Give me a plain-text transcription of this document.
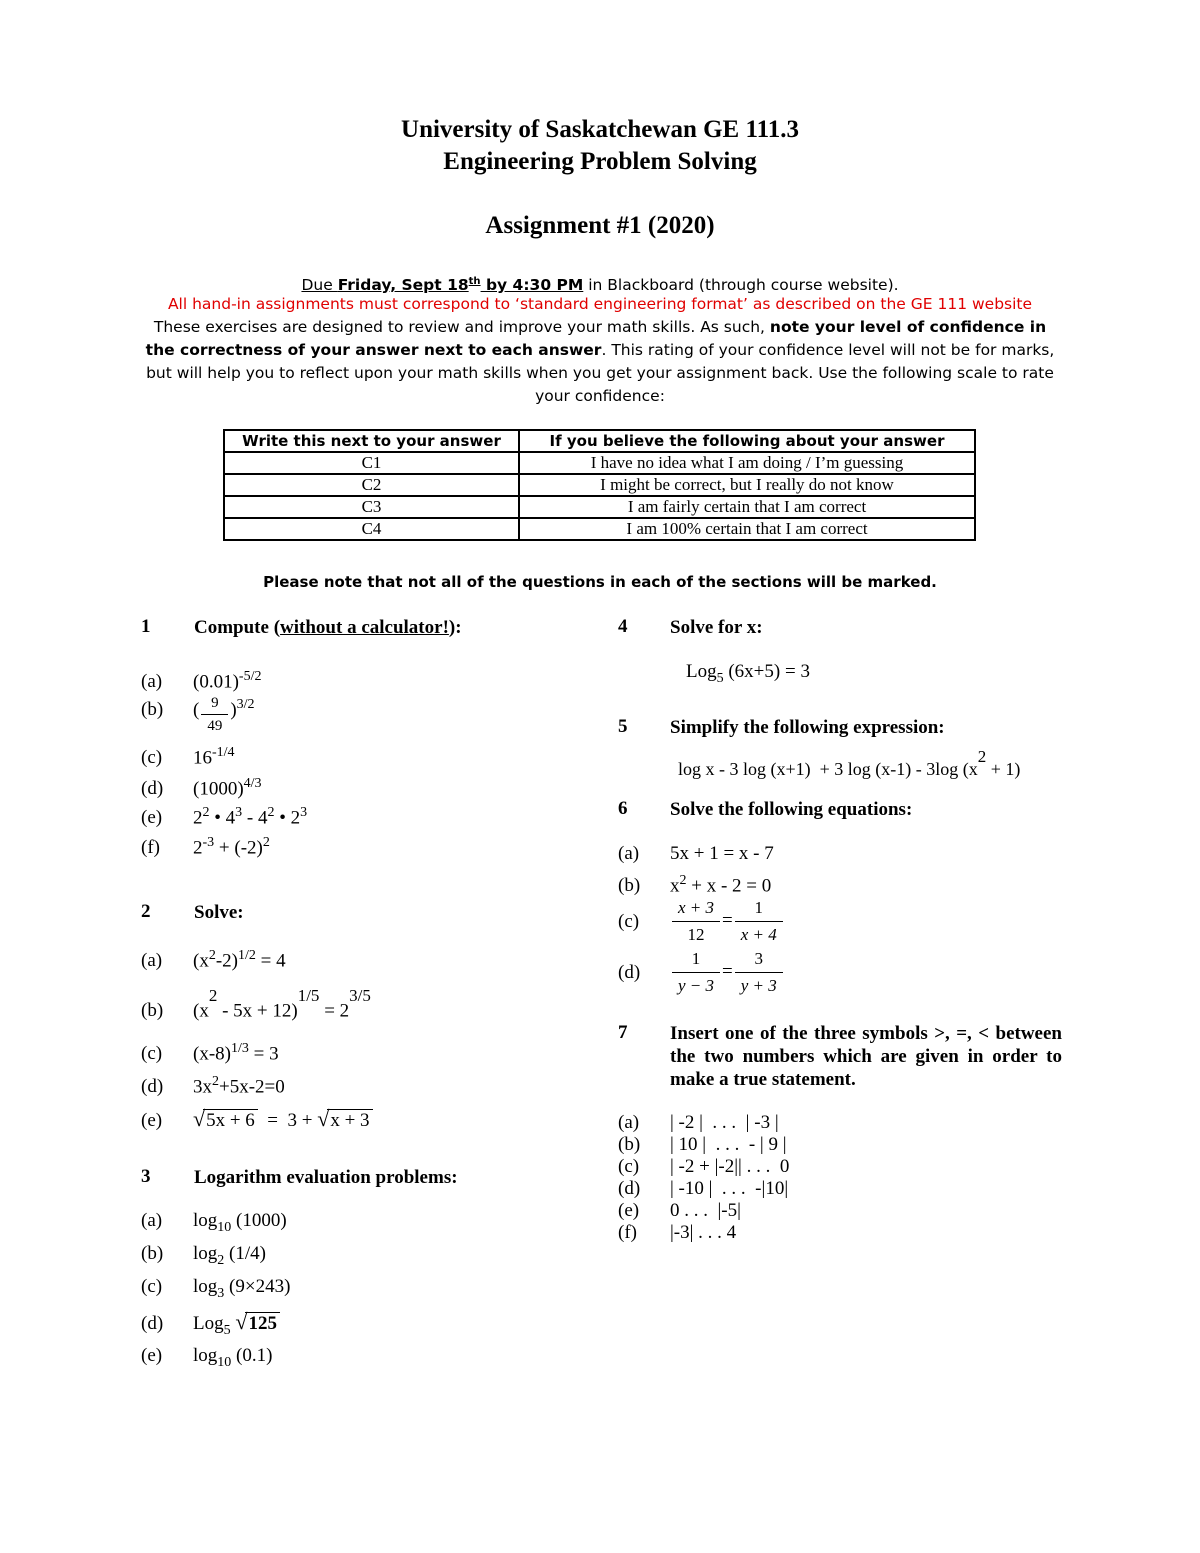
University of Saskatchewan GE 111.3
Engineering Problem Solving
Assignment #1 (2020)
Due Friday, Sept 18th by 4:30 PM in Blackboard (through course website).
All hand-in assignments must correspond to ‘standard engineering format’ as described on the GE 111 website
These exercises are designed to review and improve your math skills. As such, note your level of confidence in the correctness of your answer next to each answer. This rating of your confidence level will not be for marks, but will help you to reflect upon your math skills when you get your assignment back. Use the following scale to rate your confidence:
Write this next to your answer	If you believe the following about your answer
C1	I have no idea what I am doing / I’m guessing
C2	I might be correct, but I really do not know
C3	I am fairly certain that I am correct
C4	I am 100% certain that I am correct
Please note that not all of the questions in each of the sections will be marked.
1 Compute (without a calculator!):
(a) $(0.01)^{-5/2}$
(b) ( $\frac{9}{49} )^{3/2}$
(c) $16^{-1/4}$
(d) $(1000)^{4/3}$
(e) $2^2$ • $4^3 - 4^2$ • $2^3$
(f) $2^{-3} + (-2)^2$
2 Solve:
(a) $(x^2-2)^{1/2} = 4$
(b) $(x^2 - 5x + 12)^{1/5} = 2^{3/5}$
(c) $(x-8)^{1/3} = 3$
(d) $3x^2+5x-2=0$
(e) √5x + 6  =  3 + √x + 3
3 Logarithm evaluation problems:
(a) $\log_{10} (1000)$
(b) $\log_2 (1/4)$
(c) $\log_3 (9\times 243)$
(d) Log$_5$ √125
(e) $\log_{10} (0.1)$
4 Solve for x:
Log$_5$ (6x+5) = 3
5 Simplify the following expression:
log x - 3 log (x+1)  + 3 log (x-1) - 3log $(x^2 + 1)$
6 Solve the following equations:
(a) 5x + 1 = x - 7
(b) $x^2 + x - 2 = 0$
$(c) \frac{x + 3}{12} = \frac{1}{x + 4}$
$(d) \frac{1}{y - 3} = \frac{3}{y + 3}$
7 Insert one of the three symbols >, =, < between the two numbers which are given in order to make a true statement.
(a) | -2 |  . . .  | -3 |
(b) | 10 |  . . .  - | 9 |
(c) | -2 + |-2|| . . .  0
(d) | -10 |  . . .  -|10|
(e) 0 . . .  |-5|
(f) |-3| . . . 4
